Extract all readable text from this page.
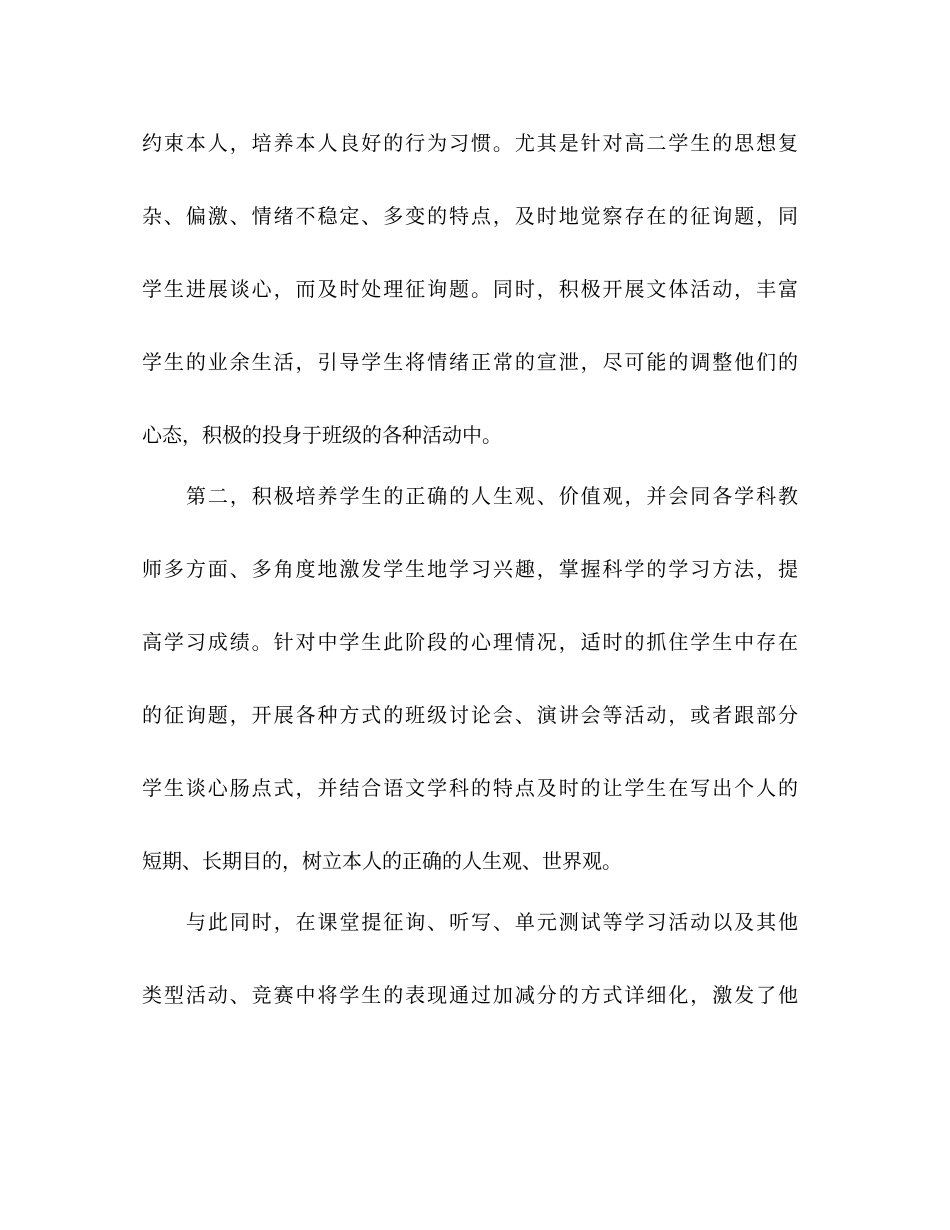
约束本人，培养本人良好的行为习惯。尤其是针对高二学生的思想复
杂、偏激、情绪不稳定、多变的特点，及时地觉察存在的征询题，同
学生进展谈心，而及时处理征询题。同时，积极开展文体活动，丰富
学生的业余生活，引导学生将情绪正常的宣泄，尽可能的调整他们的
心态，积极的投身于班级的各种活动中。
第二，积极培养学生的正确的人生观、价值观，并会同各学科教
师多方面、多角度地激发学生地学习兴趣，掌握科学的学习方法，提
高学习成绩。针对中学生此阶段的心理情况，适时的抓住学生中存在
的征询题，开展各种方式的班级讨论会、演讲会等活动，或者跟部分
学生谈心肠点式，并结合语文学科的特点及时的让学生在写出个人的
短期、长期目的，树立本人的正确的人生观、世界观。
与此同时，在课堂提征询、听写、单元测试等学习活动以及其他
类型活动、竞赛中将学生的表现通过加减分的方式详细化，激发了他
